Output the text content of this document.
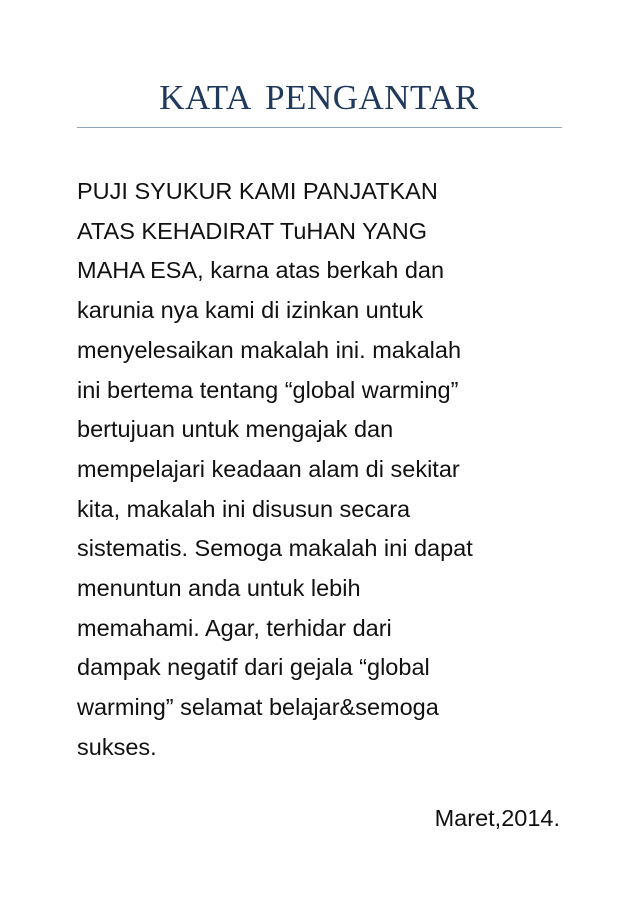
KATA PENGANTAR
PUJI SYUKUR KAMI PANJATKAN
ATAS KEHADIRAT TuHAN YANG
MAHA ESA, karna atas berkah dan
karunia nya kami di izinkan untuk
menyelesaikan makalah ini. makalah
ini bertema tentang “global warming”
bertujuan untuk mengajak dan
mempelajari keadaan alam di sekitar
kita, makalah ini disusun secara
sistematis. Semoga makalah ini dapat
menuntun anda untuk lebih
memahami. Agar, terhidar dari
dampak negatif dari gejala “global
warming” selamat belajar&semoga
sukses.
Maret,2014.
